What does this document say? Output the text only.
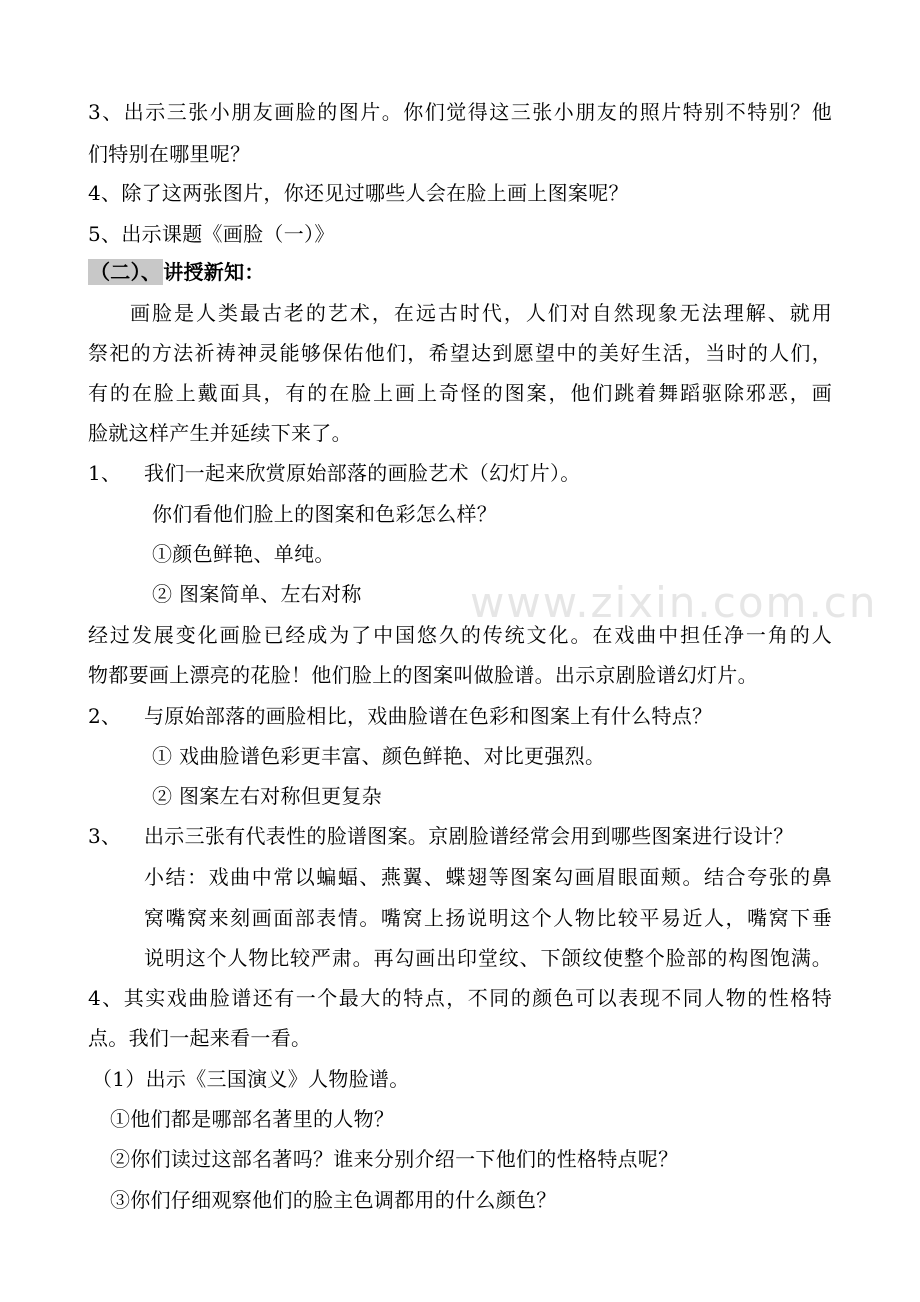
www.zixin.com.cn
3、出示三张小朋友画脸的图片。你们觉得这三张小朋友的照片特别不特别？他
们特别在哪里呢？
4、除了这两张图片，你还见过哪些人会在脸上画上图案呢？
5、出示课题《画脸（一）》
（二）、 讲授新知：
画脸是人类最古老的艺术，在远古时代，人们对自然现象无法理解、就用
祭祀的方法祈祷神灵能够保佑他们，希望达到愿望中的美好生活，当时的人们，
有的在脸上戴面具，有的在脸上画上奇怪的图案，他们跳着舞蹈驱除邪恶，画
脸就这样产生并延续下来了。
1、 我们一起来欣赏原始部落的画脸艺术（幻灯片）。
你们看他们脸上的图案和色彩怎么样？
①颜色鲜艳、单纯。
② 图案简单、左右对称
经过发展变化画脸已经成为了中国悠久的传统文化。在戏曲中担任净一角的人
物都要画上漂亮的花脸！他们脸上的图案叫做脸谱。出示京剧脸谱幻灯片。
2、 与原始部落的画脸相比，戏曲脸谱在色彩和图案上有什么特点？
① 戏曲脸谱色彩更丰富、颜色鲜艳、对比更强烈。
② 图案左右对称但更复杂
3、 出示三张有代表性的脸谱图案。京剧脸谱经常会用到哪些图案进行设计？
小结：戏曲中常以蝙蝠、燕翼、蝶翅等图案勾画眉眼面颊。结合夸张的鼻
窝嘴窝来刻画面部表情。嘴窝上扬说明这个人物比较平易近人，嘴窝下垂
说明这个人物比较严肃。再勾画出印堂纹、下颌纹使整个脸部的构图饱满。
4、其实戏曲脸谱还有一个最大的特点，不同的颜色可以表现不同人物的性格特
点。我们一起来看一看。
（1）出示《三国演义》人物脸谱。
①他们都是哪部名著里的人物？
②你们读过这部名著吗？谁来分别介绍一下他们的性格特点呢？
③你们仔细观察他们的脸主色调都用的什么颜色？
